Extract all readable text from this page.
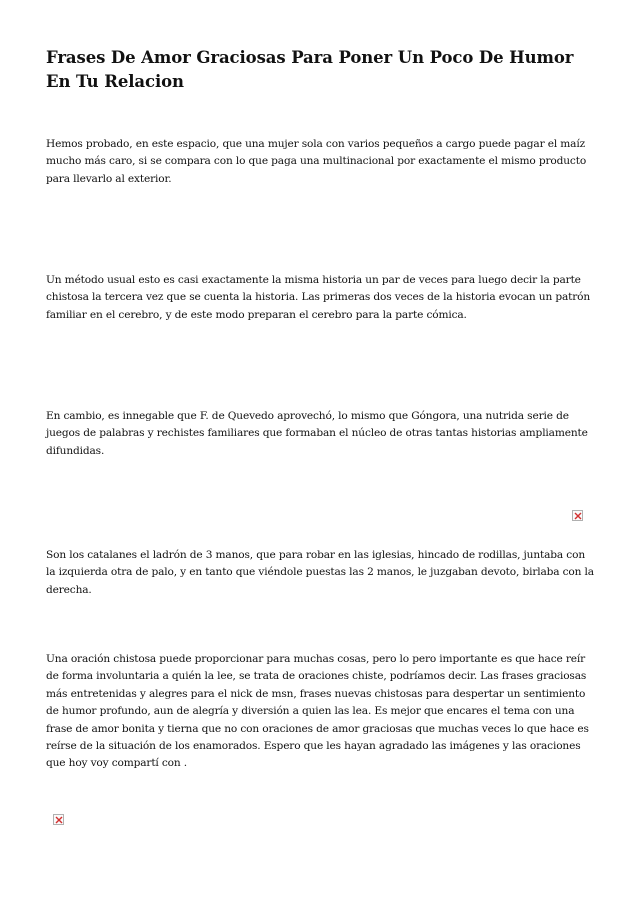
Frases De Amor Graciosas Para Poner Un Poco De Humor En Tu Relacion

Hemos probado, en este espacio, que una mujer sola con varios pequeños a cargo puede pagar el maíz mucho más caro, si se compara con lo que paga una multinacional por exactamente el mismo producto para llevarlo al exterior.

Un método usual esto es casi exactamente la misma historia un par de veces para luego decir la parte chistosa la tercera vez que se cuenta la historia. Las primeras dos veces de la historia evocan un patrón familiar en el cerebro, y de este modo preparan el cerebro para la parte cómica.

En cambio, es innegable que F. de Quevedo aprovechó, lo mismo que Góngora, una nutrida serie de juegos de palabras y rechistes familiares que formaban el núcleo de otras tantas historias ampliamente difundidas.

Son los catalanes el ladrón de 3 manos, que para robar en las iglesias, hincado de rodillas, juntaba con la izquierda otra de palo, y en tanto que viéndole puestas las 2 manos, le juzgaban devoto, birlaba con la derecha.

Una oración chistosa puede proporcionar para muchas cosas, pero lo pero importante es que hace reír de forma involuntaria a quién la lee, se trata de oraciones chiste, podríamos decir. Las frases graciosas más entretenidas y alegres para el nick de msn, frases nuevas chistosas para despertar un sentimiento de humor profundo, aun de alegría y diversión a quien las lea. Es mejor que encares el tema con una frase de amor bonita y tierna que no con oraciones de amor graciosas que muchas veces lo que hace es reírse de la situación de los enamorados. Espero que les hayan agradado las imágenes y las oraciones que hoy voy compartí con .
